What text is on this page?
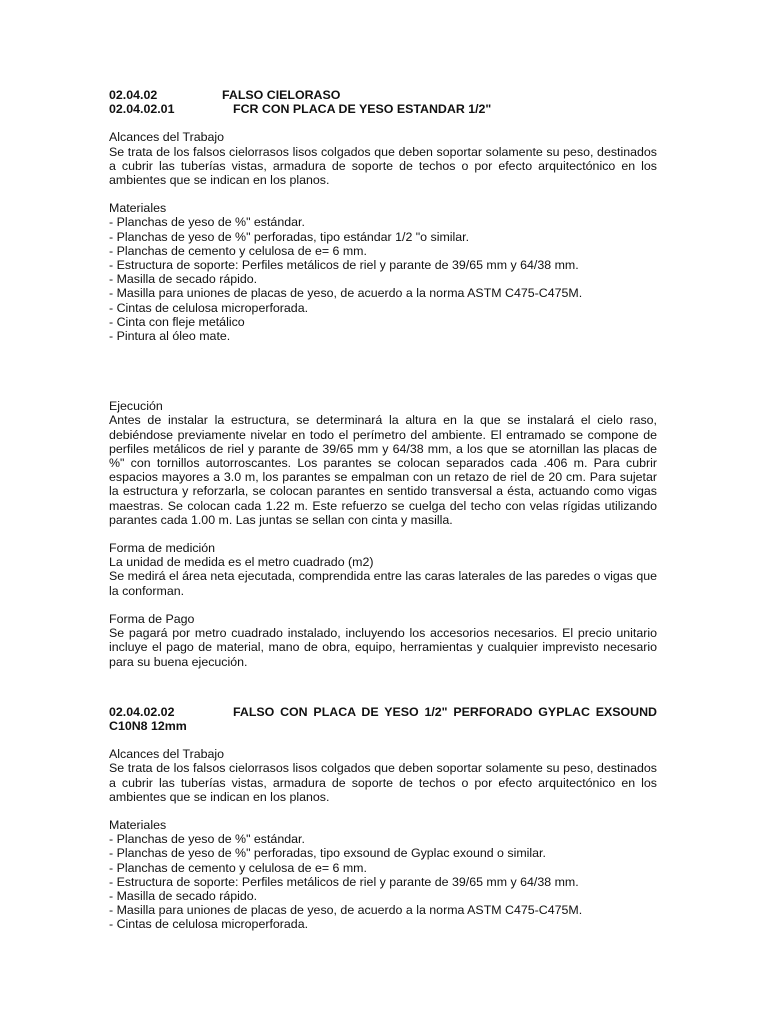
02.04.02	FALSO CIELORASO
02.04.02.01	FCR CON PLACA DE YESO ESTANDAR 1/2"
Alcances del Trabajo

Se trata de los falsos cielorrasos lisos colgados que deben soportar solamente su peso, destinados a cubrir las tuberías vistas, armadura de soporte de techos o por efecto arquitectónico en los ambientes que se indican en los planos.

Materiales
- Planchas de yeso de %" estándar.
- Planchas de yeso de %" perforadas, tipo estándar 1/2 "o similar.
- Planchas de cemento y celulosa de e= 6 mm.
- Estructura de soporte: Perfiles metálicos de riel y parante de 39/65 mm y 64/38 mm.
- Masilla de secado rápido.
- Masilla para uniones de placas de yeso, de acuerdo a la norma ASTM C475-C475M.
- Cintas de celulosa microperforada.
- Cinta con fleje metálico
- Pintura al óleo mate.
Ejecución

Antes de instalar la estructura, se determinará la altura en la que se instalará el cielo raso, debiéndose previamente nivelar en todo el perímetro del ambiente. El entramado se compone de perfiles metálicos de riel y parante de 39/65 mm y 64/38 mm, a los que se atornillan las placas de %" con tornillos autorroscantes. Los parantes se colocan separados cada .406 m. Para cubrir espacios mayores a 3.0 m, los parantes se empalman con un retazo de riel de 20 cm. Para sujetar la estructura y reforzarla, se colocan parantes en sentido transversal a ésta, actuando como vigas maestras. Se colocan cada 1.22 m. Este refuerzo se cuelga del techo con velas rígidas utilizando parantes cada 1.00 m. Las juntas se sellan con cinta y masilla.

Forma de medición
La unidad de medida es el metro cuadrado (m2)

Se medirá el área neta ejecutada, comprendida entre las caras laterales de las paredes o vigas que la conforman.

Forma de Pago

Se pagará por metro cuadrado instalado, incluyendo los accesorios necesarios. El precio unitario incluye el pago de material, mano de obra, equipo, herramientas y cualquier imprevisto necesario para su buena ejecución.

02.04.02.02	FALSO CON PLACA DE YESO 1/2" PERFORADO GYPLAC EXSOUND C10N8 12mm
Alcances del Trabajo

Se trata de los falsos cielorrasos lisos colgados que deben soportar solamente su peso, destinados a cubrir las tuberías vistas, armadura de soporte de techos o por efecto arquitectónico en los ambientes que se indican en los planos.

Materiales
- Planchas de yeso de %" estándar.
- Planchas de yeso de %" perforadas, tipo exsound de Gyplac exound o similar.
- Planchas de cemento y celulosa de e= 6 mm.
- Estructura de soporte: Perfiles metálicos de riel y parante de 39/65 mm y 64/38 mm.
- Masilla de secado rápido.
- Masilla para uniones de placas de yeso, de acuerdo a la norma ASTM C475-C475M.
- Cintas de celulosa microperforada.
